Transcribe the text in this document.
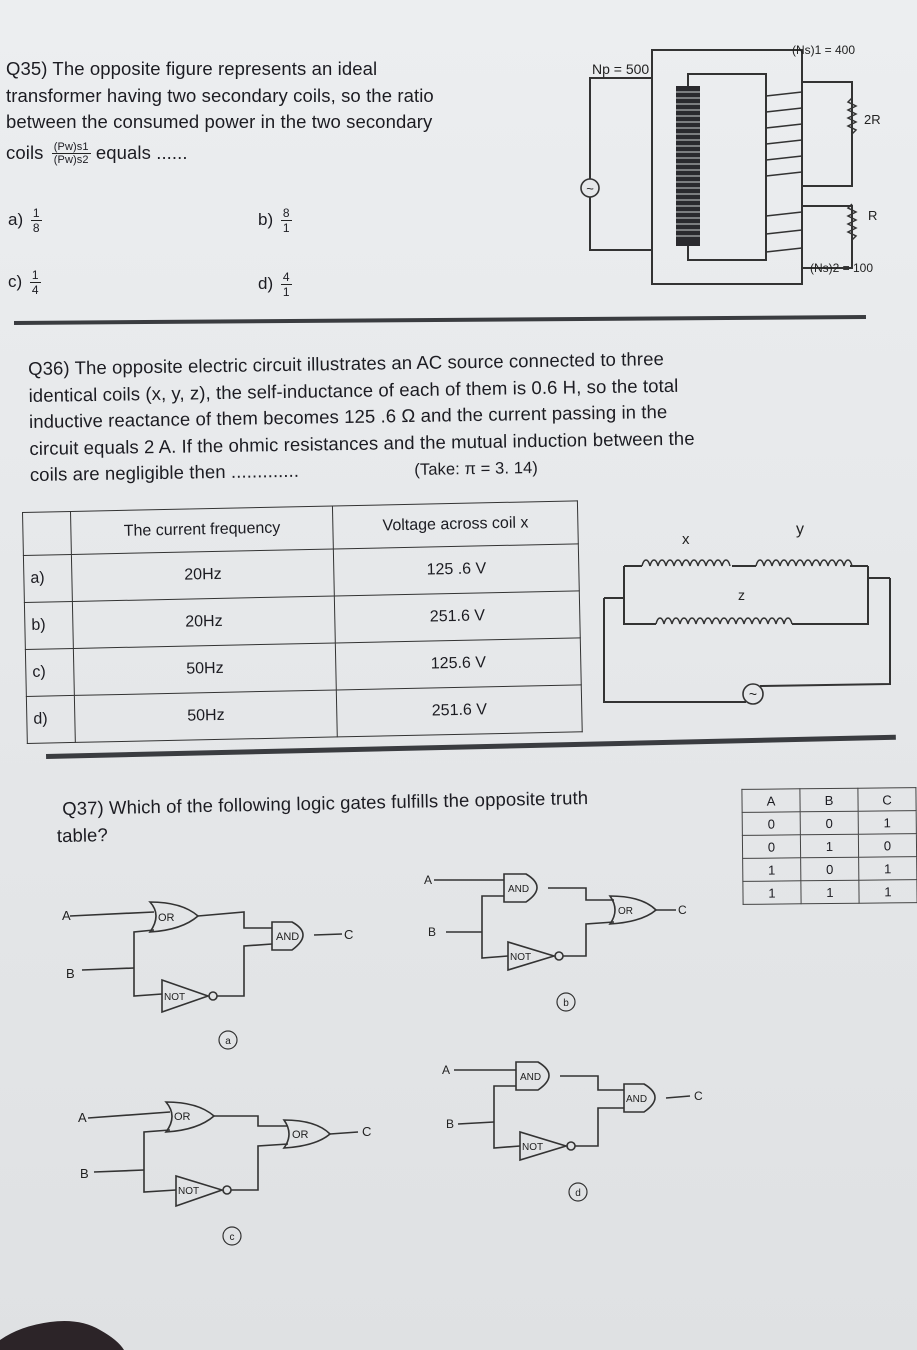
Q35) The opposite figure represents an ideal
transformer having two secondary coils, so the ratio
between the consumed power in the two secondary
coils $\frac{(Pw)s1}{(Pw)s2}$ equals ......
$a) \frac{1}{8}$	$b) \frac{8}{1}$
$c) \frac{1}{4}$	$d) \frac{4}{1}$
~
Np = 500
(Ns)1 = 400
2R
R
(Ns)2 = 100
Q36) The opposite electric circuit illustrates an AC source connected to three
identical coils (x, y, z), the self-inductance of each of them is 0.6 H, so the total
inductive reactance of them becomes 125 .6 Ω and the current passing in the
circuit equals 2 A. If the ohmic resistances and the mutual induction between the
coils are negligible then .............	(Take: π = 3. 14)
	The current frequency	Voltage across coil x
a)	20Hz	125 .6 V
b)	20Hz	251.6 V
c)	50Hz	125.6 V
d)	50Hz	251.6 V
~
x
y
z
Q37) Which of the following logic gates fulfills the opposite truth
table?
A	B	C
0	0	1
0	1	0
1	0	1
1	1	1
A
B
OR
NOT
AND	C
a
A
B
AND
NOT
OR	C
b
A
B
OR
NOT
OR	C
c
A
B
AND
NOT
AND	C
d
